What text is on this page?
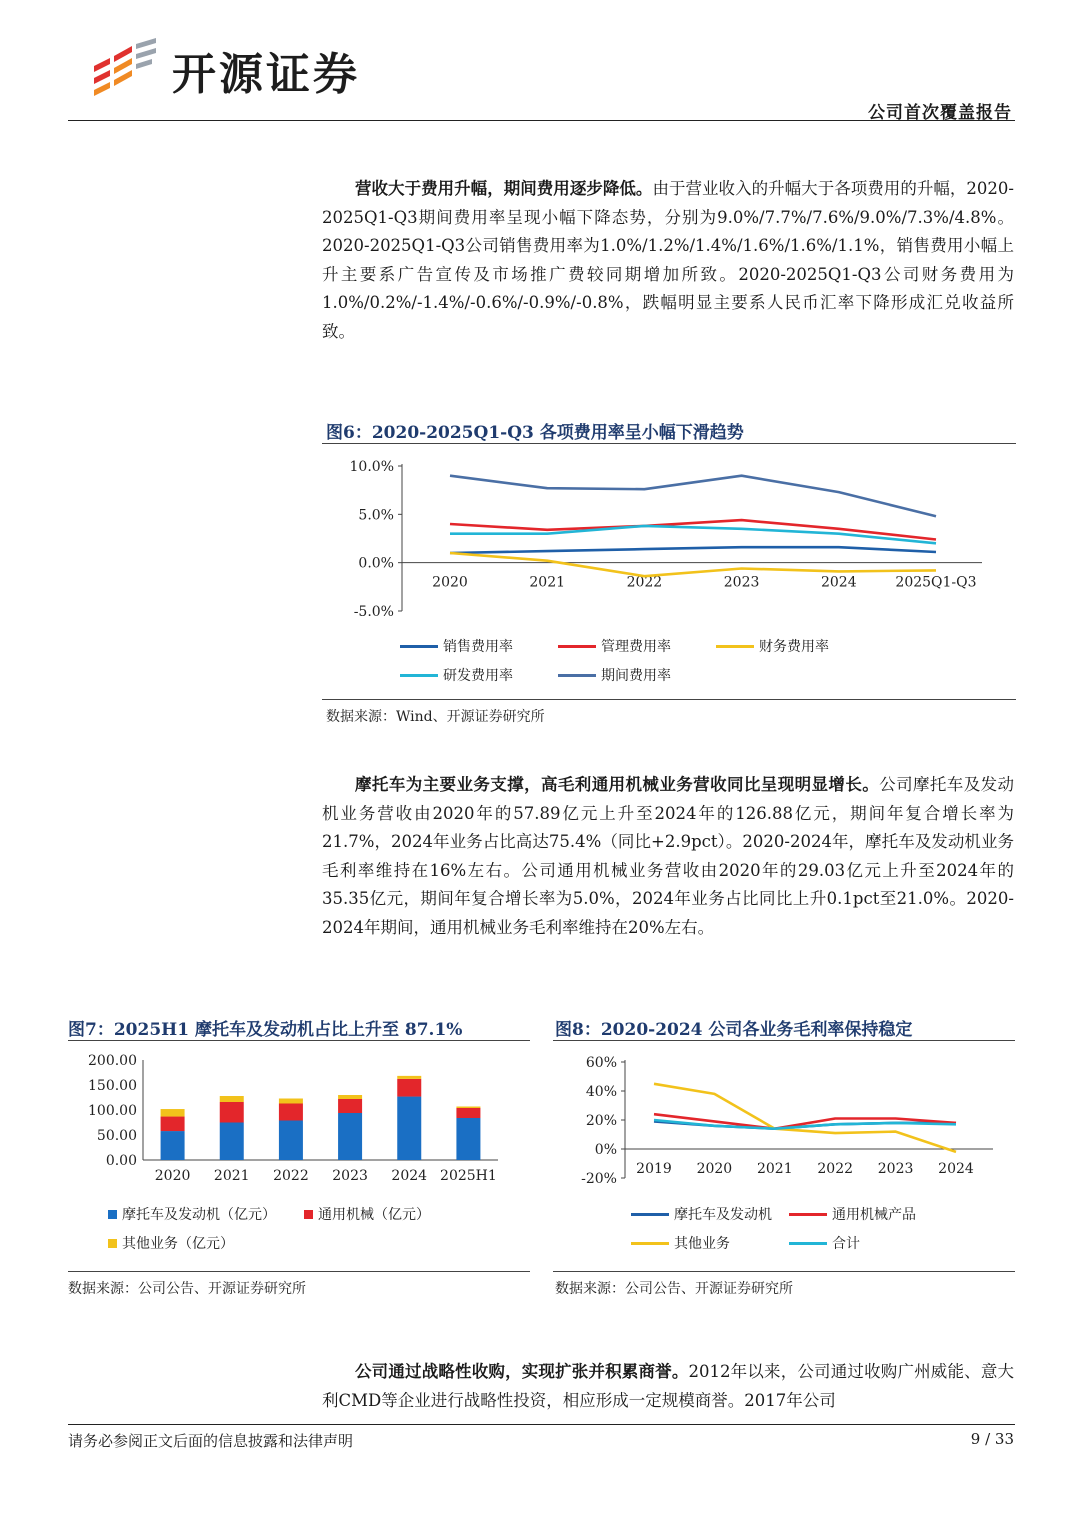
开源证券
公司首次覆盖报告
营收大于费用升幅，期间费用逐步降低。由于营业收入的升幅大于各项费用的升幅，2020-2025Q1-Q3期间费用率呈现小幅下降态势，分别为9.0%/7.7%/7.6%/9.0%/7.3%/4.8%。2020-2025Q1-Q3公司销售费用率为1.0%/1.2%/1.4%/1.6%/1.6%/1.1%，销售费用小幅上升主要系广告宣传及市场推广费较同期增加所致。2020-2025Q1-Q3公司财务费用为1.0%/0.2%/-1.4%/-0.6%/-0.9%/-0.8%，跌幅明显主要系人民币汇率下降形成汇兑收益所致。
图6：2020-2025Q1-Q3 各项费用率呈小幅下滑趋势
10.0%
5.0%
0.0%
-5.0%
2020	2021	2022	2023	2024	2025Q1-Q3
销售费用率	管理费用率	财务费用率
研发费用率	期间费用率
数据来源：Wind、开源证券研究所
摩托车为主要业务支撑，高毛利通用机械业务营收同比呈现明显增长。公司摩托车及发动机业务营收由2020年的57.89亿元上升至2024年的126.88亿元，期间年复合增长率为21.7%，2024年业务占比高达75.4%（同比+2.9pct）。2020-2024年，摩托车及发动机业务毛利率维持在16%左右。公司通用机械业务营收由2020年的29.03亿元上升至2024年的35.35亿元，期间年复合增长率为5.0%，2024年业务占比同比上升0.1pct至21.0%。2020-2024年期间，通用机械业务毛利率维持在20%左右。
图7：2025H1 摩托车及发动机占比上升至 87.1%
200.00
150.00
100.00
50.00
0.00
2020 2021 2022 2023 2024 2025H1
摩托车及发动机（亿元）	通用机械（亿元）
其他业务（亿元）
数据来源：公司公告、开源证券研究所
图8：2020-2024 公司各业务毛利率保持稳定
60%
40%
20%
0%
-20%
2019 2020 2021 2022 2023 2024
摩托车及发动机	通用机械产品
其他业务	合计
数据来源：公司公告、开源证券研究所
公司通过战略性收购，实现扩张并积累商誉。2012年以来，公司通过收购广州威能、意大利CMD等企业进行战略性投资，相应形成一定规模商誉。2017年公司
请务必参阅正文后面的信息披露和法律声明	9 / 33
